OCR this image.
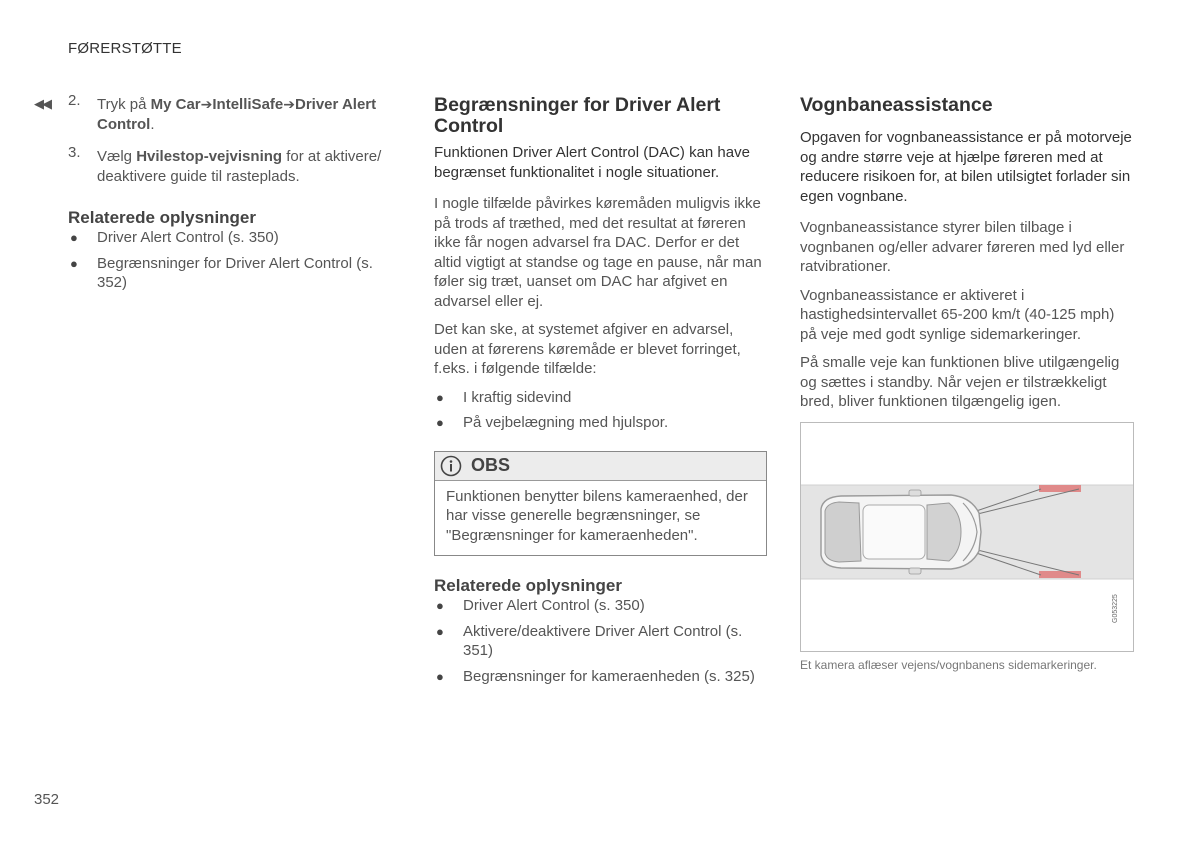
FØRERSTØTTE
◀◀ 2. Tryk på My Car➔IntelliSafe➔Driver Alert Control.
3. Vælg Hvilestop-vejvisning for at aktivere/ deaktivere guide til rasteplads.
Relaterede oplysninger
● Driver Alert Control (s. 350)
● Begrænsninger for Driver Alert Control (s. 352)
Begrænsninger for Driver Alert Control
Funktionen Driver Alert Control (DAC) kan have begrænset funktionalitet i nogle situationer.

I nogle tilfælde påvirkes køremåden muligvis ikke på trods af træthed, med det resultat at føreren ikke får nogen advarsel fra DAC. Derfor er det altid vigtigt at standse og tage en pause, når man føler sig træt, uanset om DAC har afgivet en advarsel eller ej.

Det kan ske, at systemet afgiver en advarsel, uden at førerens køremåde er blevet forringet, f.eks. i følgende tilfælde:

● I kraftig sidevind
● På vejbelægning med hjulspor.
OBS
Funktionen benytter bilens kameraenhed, der har visse generelle begrænsninger, se "Begrænsninger for kameraenheden".
Relaterede oplysninger
● Driver Alert Control (s. 350)
● Aktivere/deaktivere Driver Alert Control (s. 351)
● Begrænsninger for kameraenheden (s. 325)
Vognbaneassistance
Opgaven for vognbaneassistance er på motorveje og andre større veje at hjælpe føreren med at reducere risikoen for, at bilen utilsigtet forlader sin egen vognbane.

Vognbaneassistance styrer bilen tilbage i vognbanen og/eller advarer føreren med lyd eller ratvibrationer.

Vognbaneassistance er aktiveret i hastighedsintervallet 65-200 km/t (40-125 mph) på veje med godt synlige sidemarkeringer.

På smalle veje kan funktionen blive utilgængelig og sættes i standby. Når vejen er tilstrækkeligt bred, bliver funktionen tilgængelig igen.

G053225
Et kamera aflæser vejens/vognbanens sidemarkeringer.
352
